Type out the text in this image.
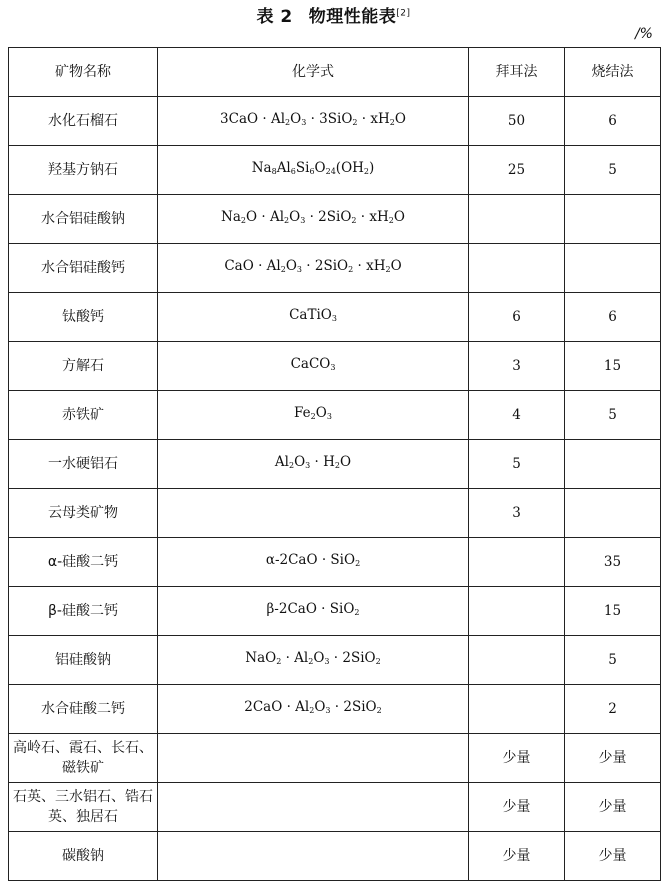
表 2 物理性能表[2]
/%
矿物名称	化学式	拜耳法	烧结法
水化石榴石	$3CaO \cdot Al_2O_3 \cdot 3SiO_2 \cdot xH_2O$	50	6
羟基方钠石	$Na_8Al_6Si_6O_{24}(OH_2)$	25	5
水合铝硅酸钠	$Na_2O \cdot Al_2O_3 \cdot 2SiO_2 \cdot xH_2O$		
水合铝硅酸钙	CaO · $Al_2O_3 \cdot 2SiO_2 \cdot xH_2O$		
钛酸钙	CaTiO$_3$	6	6
方解石	CaCO$_3$	3	15
赤铁矿	$Fe_2O_3$	4	5
一水硬铝石	$Al_2O_3 \cdot H_2O$	5	
云母类矿物		3	
α-硅酸二钙	α-2CaO · SiO$_2$		35
β-硅酸二钙	β-2CaO · SiO$_2$		15
铝硅酸钠	$NaO_2 \cdot Al_2O_3 \cdot 2SiO_2$		5
水合硅酸二钙	$2CaO \cdot Al_2O_3 \cdot 2SiO_2$		2
高岭石、霞石、长石、磁铁矿		少量	少量
石英、三水铝石、锆石英、独居石		少量	少量
碳酸钠		少量	少量
